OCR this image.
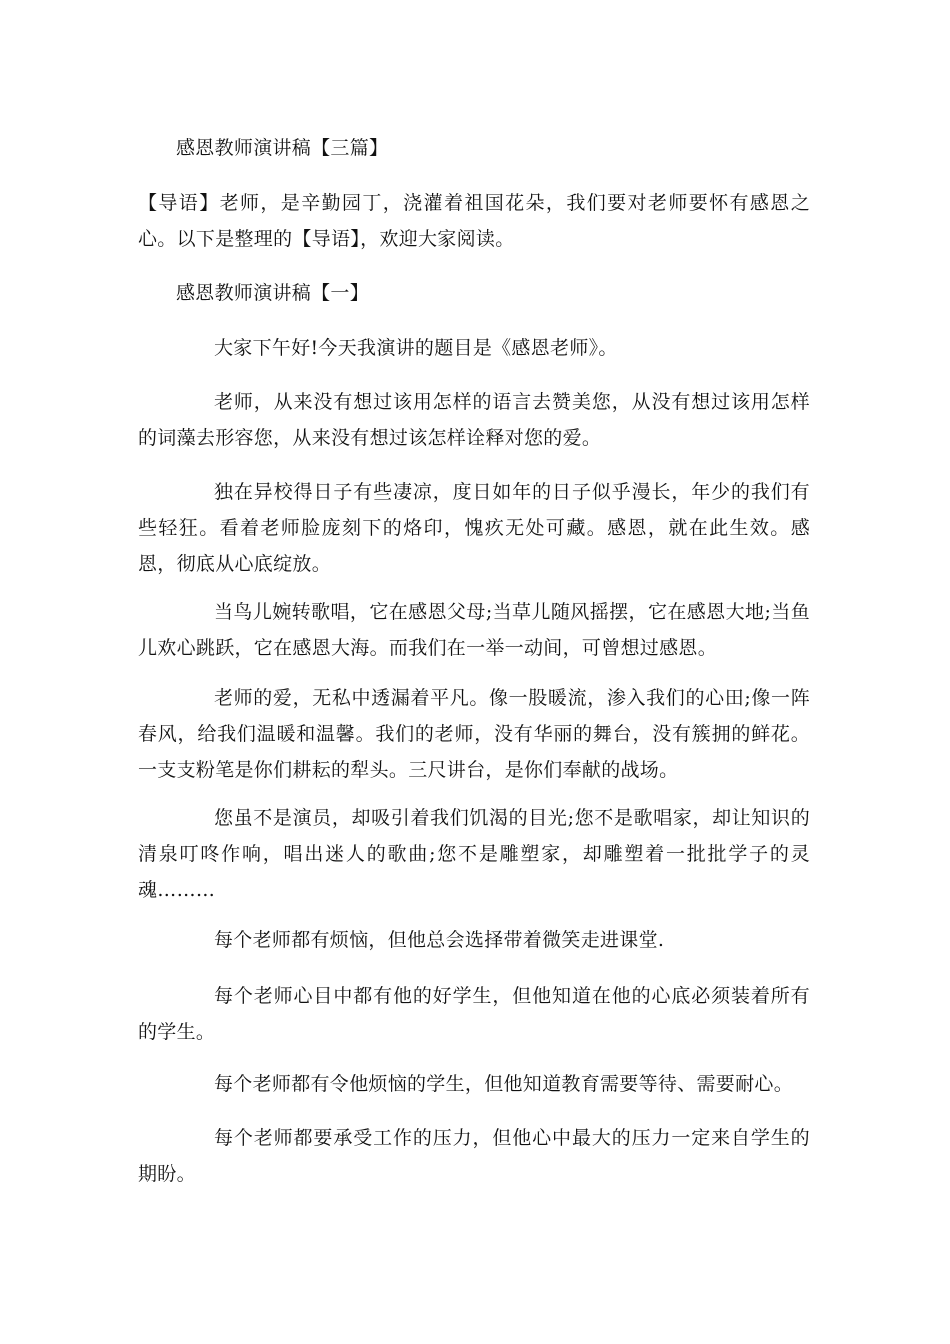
感恩教师演讲稿【三篇】

【导语】老师，是辛勤园丁，浇灌着祖国花朵，我们要对老师要怀有感恩之心。以下是整理的【导语】，欢迎大家阅读。

感恩教师演讲稿【一】

大家下午好!今天我演讲的题目是《感恩老师》。

老师，从来没有想过该用怎样的语言去赞美您，从没有想过该用怎样的词藻去形容您，从来没有想过该怎样诠释对您的爱。

独在异校得日子有些凄凉，度日如年的日子似乎漫长，年少的我们有些轻狂。看着老师脸庞刻下的烙印，愧疚无处可藏。感恩，就在此生效。感恩，彻底从心底绽放。

当鸟儿婉转歌唱，它在感恩父母;当草儿随风摇摆，它在感恩大地;当鱼儿欢心跳跃，它在感恩大海。而我们在一举一动间，可曾想过感恩。

老师的爱，无私中透漏着平凡。像一股暖流，渗入我们的心田;像一阵春风，给我们温暖和温馨。我们的老师，没有华丽的舞台，没有簇拥的鲜花。一支支粉笔是你们耕耘的犁头。三尺讲台，是你们奉献的战场。

您虽不是演员，却吸引着我们饥渴的目光;您不是歌唱家，却让知识的清泉叮咚作响，唱出迷人的歌曲;您不是雕塑家，却雕塑着一批批学子的灵魂………

每个老师都有烦恼，但他总会选择带着微笑走进课堂.

每个老师心目中都有他的好学生，但他知道在他的心底必须装着所有的学生。

每个老师都有令他烦恼的学生，但他知道教育需要等待、需要耐心。

每个老师都要承受工作的压力，但他心中最大的压力一定来自学生的期盼。
